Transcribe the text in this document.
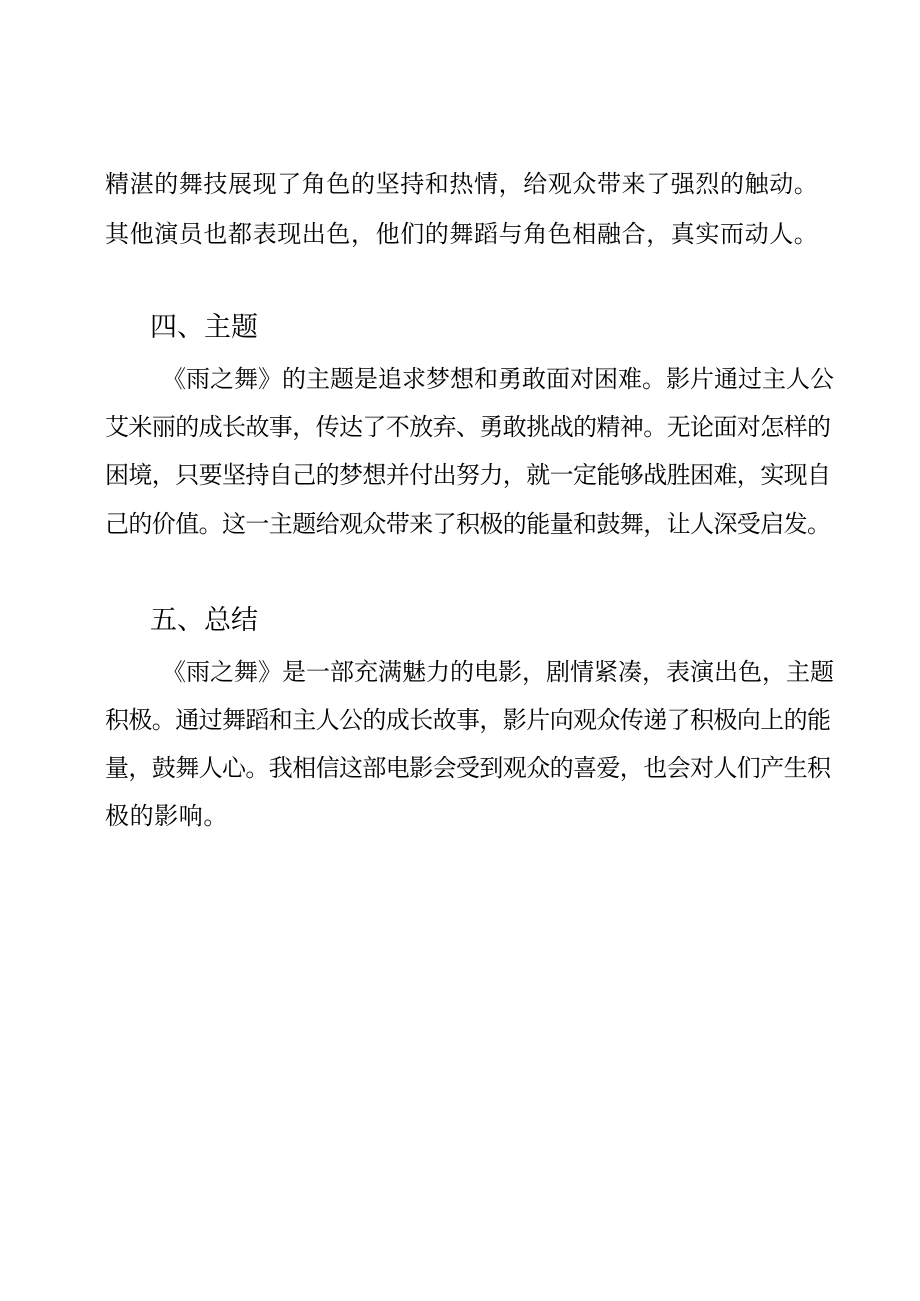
精湛的舞技展现了角色的坚持和热情，给观众带来了强烈的触动。
其他演员也都表现出色，他们的舞蹈与角色相融合，真实而动人。
四、主题
《雨之舞》的主题是追求梦想和勇敢面对困难。影片通过主人公
艾米丽的成长故事，传达了不放弃、勇敢挑战的精神。无论面对怎样的
困境，只要坚持自己的梦想并付出努力，就一定能够战胜困难，实现自
己的价值。这一主题给观众带来了积极的能量和鼓舞，让人深受启发。
五、总结
《雨之舞》是一部充满魅力的电影，剧情紧凑，表演出色，主题
积极。通过舞蹈和主人公的成长故事，影片向观众传递了积极向上的能
量，鼓舞人心。我相信这部电影会受到观众的喜爱，也会对人们产生积
极的影响。
